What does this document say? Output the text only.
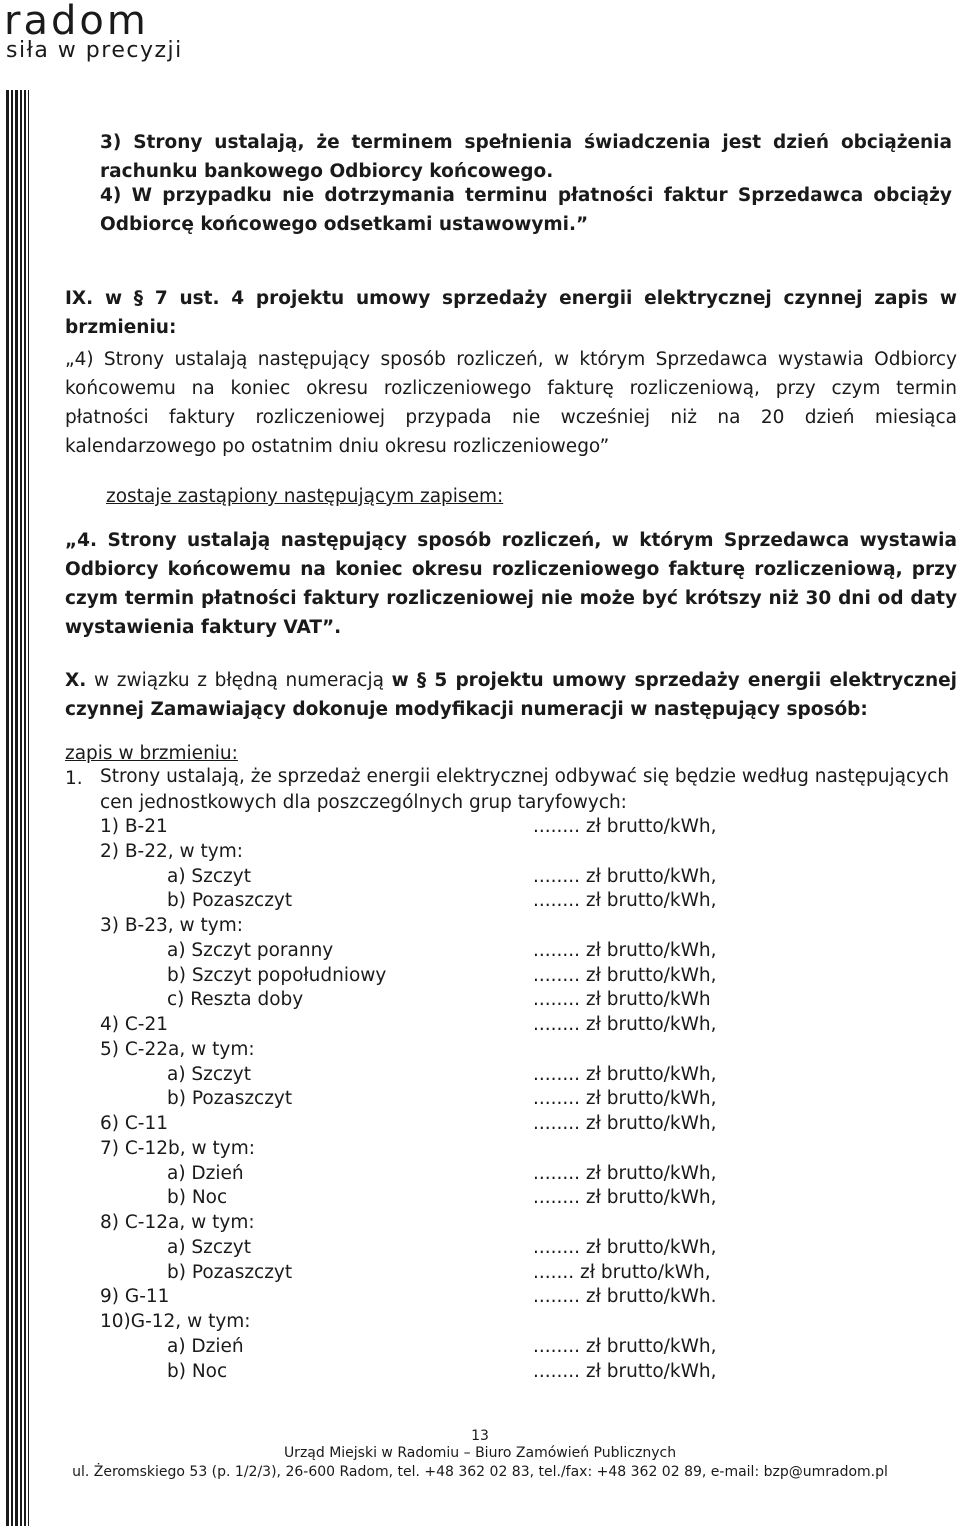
radom
siła w precyzji

3) Strony ustalają, że terminem spełnienia świadczenia jest dzień obciążenia rachunku bankowego Odbiorcy końcowego.

4) W przypadku nie dotrzymania terminu płatności faktur Sprzedawca obciąży Odbiorcę końcowego odsetkami ustawowymi.”

IX. w § 7 ust. 4 projektu umowy sprzedaży energii elektrycznej czynnej zapis w brzmieniu:

„4) Strony ustalają następujący sposób rozliczeń, w którym Sprzedawca wystawia Odbiorcy końcowemu na koniec okresu rozliczeniowego fakturę rozliczeniową, przy czym termin płatności faktury rozliczeniowej przypada nie wcześniej niż na 20 dzień miesiąca kalendarzowego po ostatnim dniu okresu rozliczeniowego”

zostaje zastąpiony następującym zapisem:

„4. Strony ustalają następujący sposób rozliczeń, w którym Sprzedawca wystawia Odbiorcy końcowemu na koniec okresu rozliczeniowego fakturę rozliczeniową, przy czym termin płatności faktury rozliczeniowej nie może być krótszy niż 30 dni od daty wystawienia faktury VAT”.

X. w związku z błędną numeracją w § 5 projektu umowy sprzedaży energii elektrycznej czynnej Zamawiający dokonuje modyfikacji numeracji w następujący sposób:

zapis w brzmieniu:

1. Strony ustalają, że sprzedaż energii elektrycznej odbywać się będzie według następujących cen jednostkowych dla poszczególnych grup taryfowych:

1) B-21	........ zł brutto/kWh,
2) B-22, w tym:
a) Szczyt	........ zł brutto/kWh,
b) Pozaszczyt	........ zł brutto/kWh,
3) B-23, w tym:
a) Szczyt poranny	........ zł brutto/kWh,
b) Szczyt popołudniowy	........ zł brutto/kWh,
c) Reszta doby	........ zł brutto/kWh
4) C-21	........ zł brutto/kWh,
5) C-22a, w tym:
a) Szczyt	........ zł brutto/kWh,
b) Pozaszczyt	........ zł brutto/kWh,
6) C-11	........ zł brutto/kWh,
7) C-12b, w tym:
a) Dzień	........ zł brutto/kWh,
b) Noc	........ zł brutto/kWh,
8) C-12a, w tym:
a) Szczyt	........ zł brutto/kWh,
b) Pozaszczyt	....... zł brutto/kWh,
9) G-11	........ zł brutto/kWh.
10)G-12, w tym:
a) Dzień	........ zł brutto/kWh,
b) Noc	........ zł brutto/kWh,
13
Urząd Miejski w Radomiu – Biuro Zamówień Publicznych
ul. Żeromskiego 53 (p. 1/2/3), 26-600 Radom, tel. +48 362 02 83, tel./fax: +48 362 02 89, e-mail: bzp@umradom.pl
